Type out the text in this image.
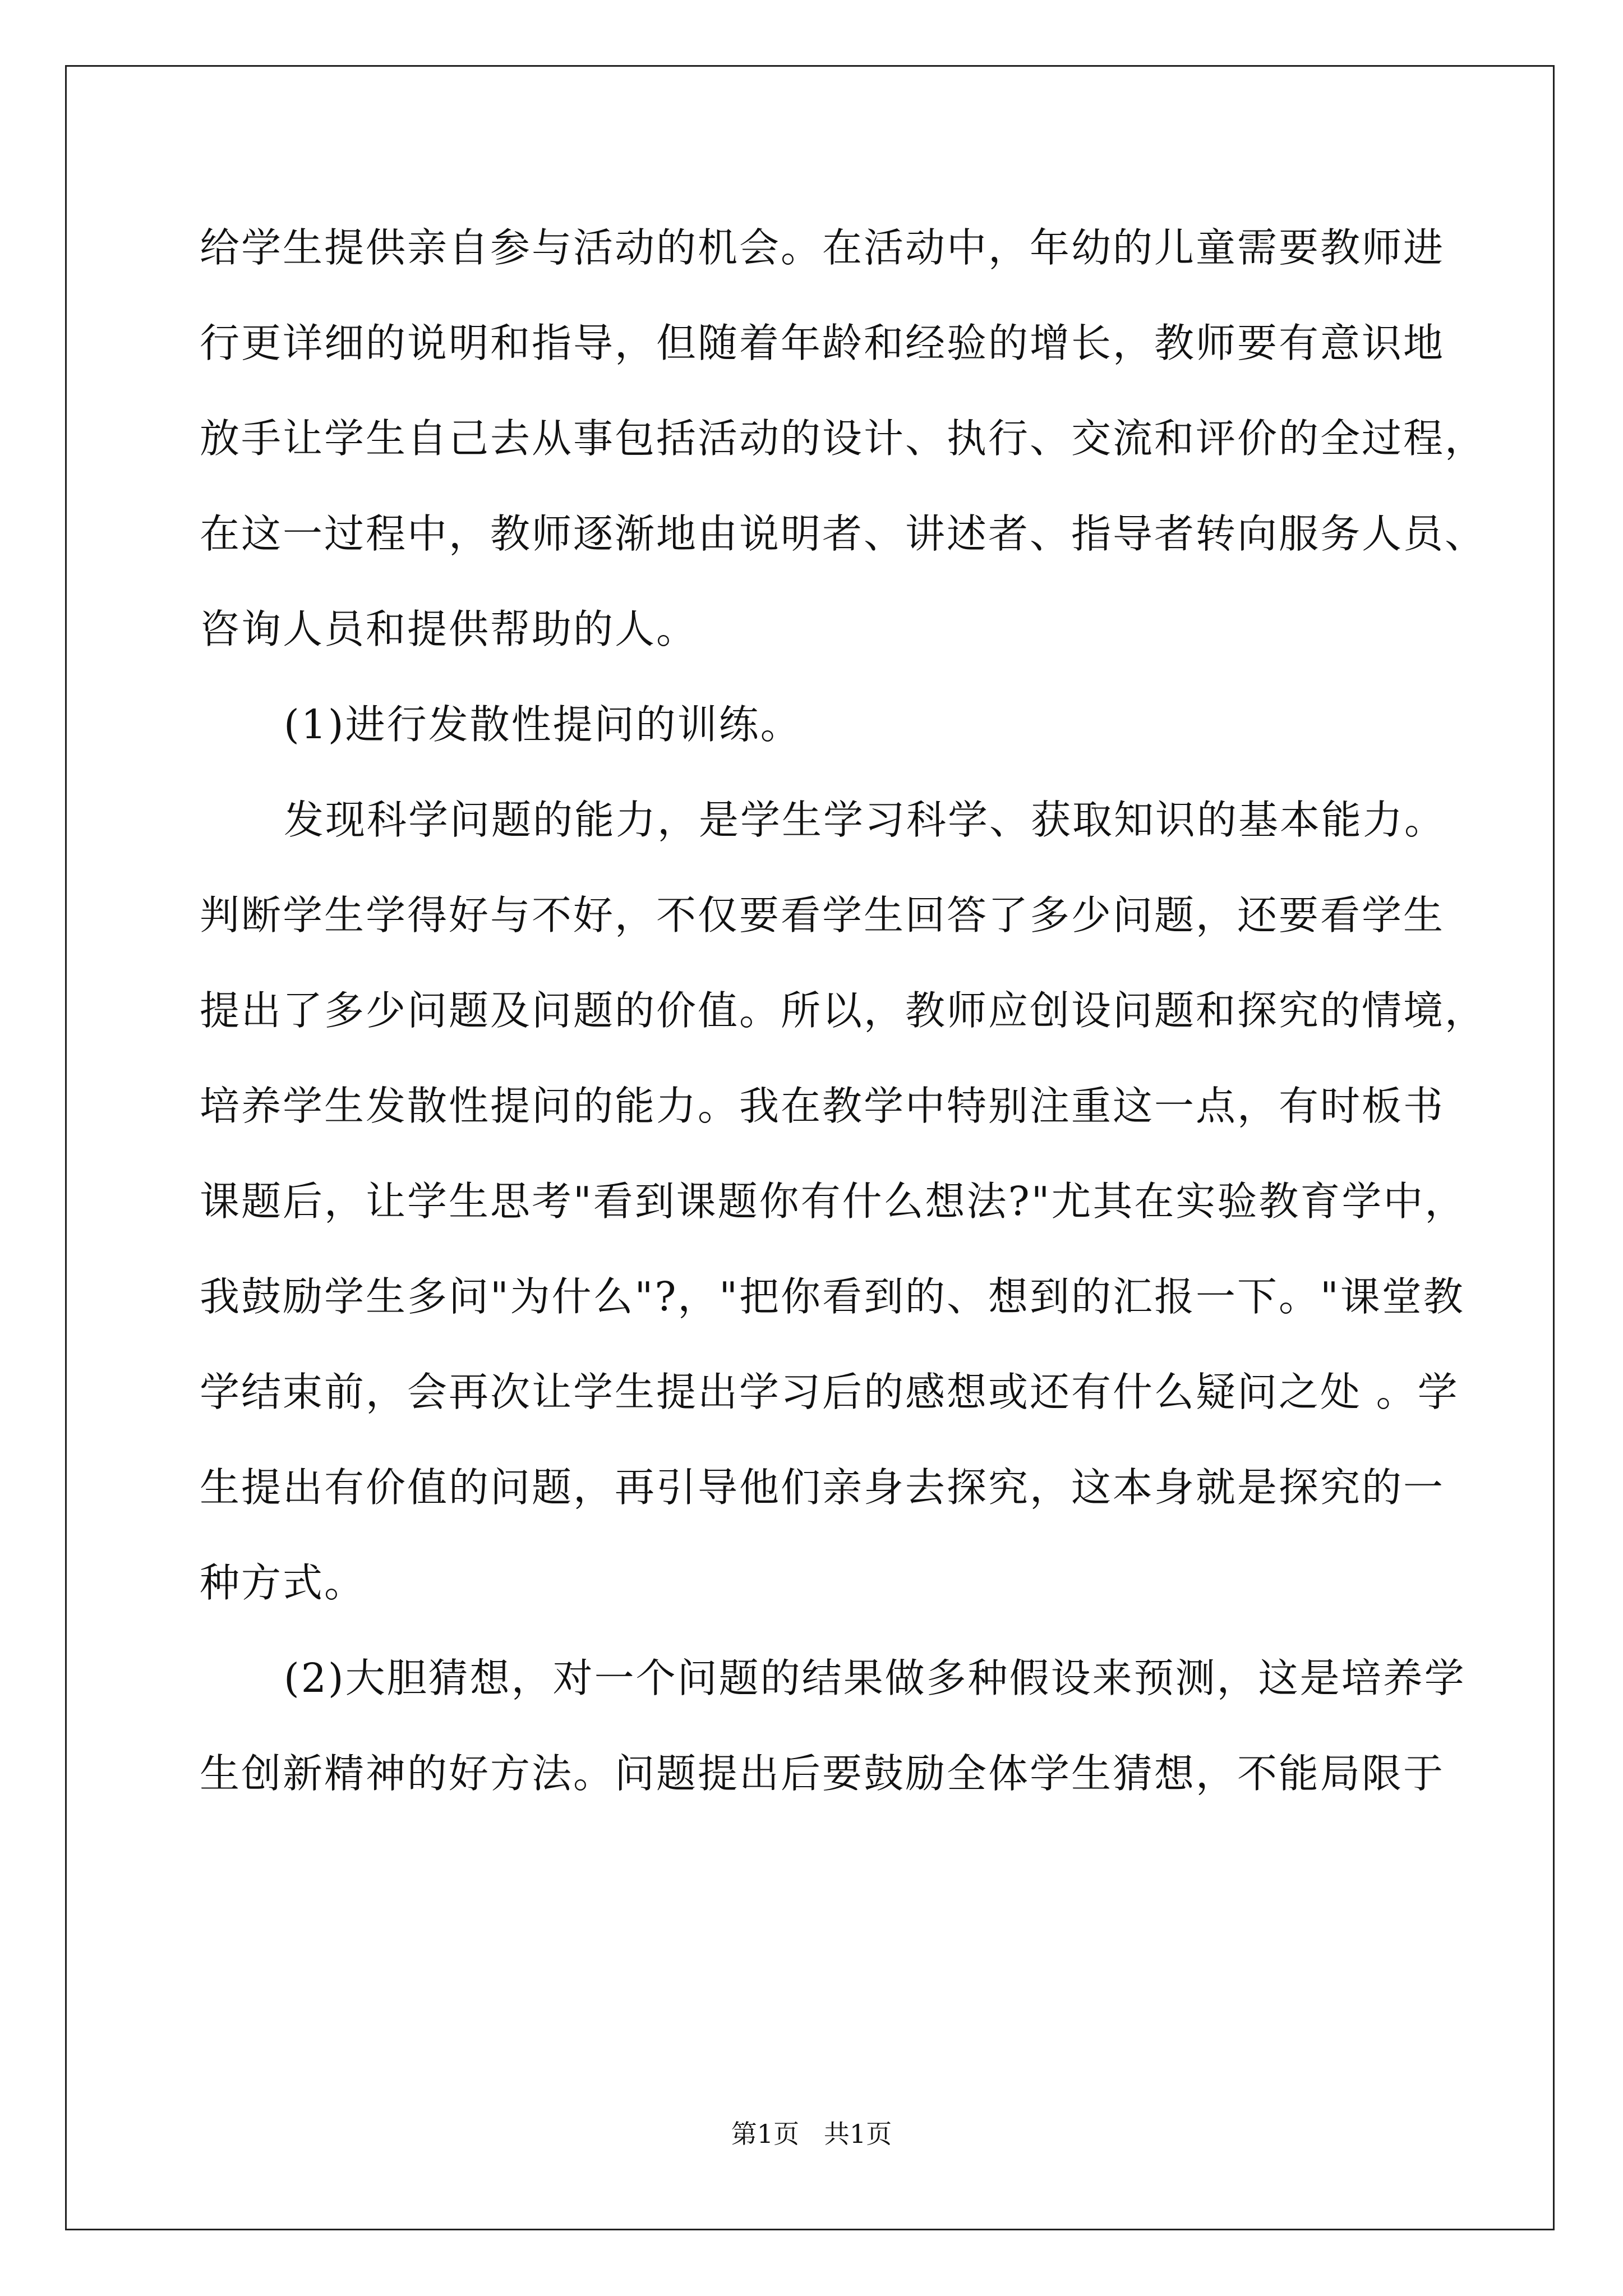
给学生提供亲自参与活动的机会。在活动中，年幼的儿童需要教师进
行更详细的说明和指导，但随着年龄和经验的增长，教师要有意识地
放手让学生自己去从事包括活动的设计、执行、交流和评价的全过程，
在这一过程中，教师逐渐地由说明者、讲述者、指导者转向服务人员、
咨询人员和提供帮助的人。
(1)进行发散性提问的训练。
发现科学问题的能力，是学生学习科学、获取知识的基本能力。
判断学生学得好与不好，不仅要看学生回答了多少问题，还要看学生
提出了多少问题及问题的价值。所以，教师应创设问题和探究的情境，
培养学生发散性提问的能力。我在教学中特别注重这一点，有时板书
课题后，让学生思考"看到课题你有什么想法?"尤其在实验教育学中，
我鼓励学生多问"为什么"?，"把你看到的、想到的汇报一下。"课堂教
学结束前，会再次让学生提出学习后的感想或还有什么疑问之处 。学
生提出有价值的问题，再引导他们亲身去探究，这本身就是探究的一
种方式。
(2)大胆猜想，对一个问题的结果做多种假设来预测，这是培养学
生创新精神的好方法。问题提出后要鼓励全体学生猜想，不能局限于
第1页   共1页
